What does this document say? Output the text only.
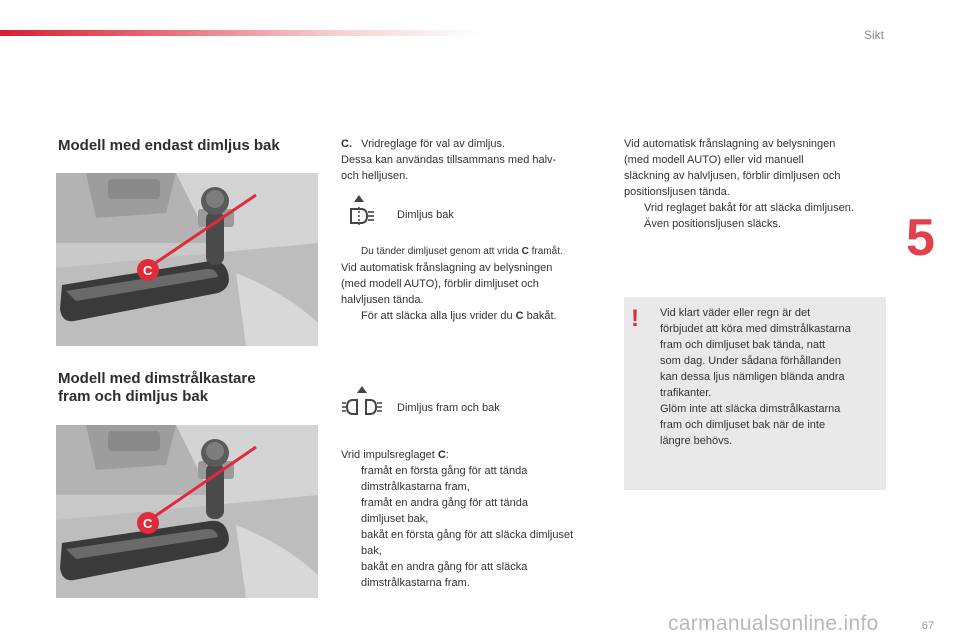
Sikt
5
Modell med endast dimljus bak
C
Modell med dimstrålkastare
fram och dimljus bak
C
C. Vridreglage för val av dimljus.
Dessa kan användas tillsammans med halv-
och helljusen.
Dimljus bak
Du tänder dimljuset genom att vrida C framåt.
Vid automatisk frånslagning av belysningen
(med modell AUTO), förblir dimljuset och
halvljusen tända.
För att släcka alla ljus vrider du C bakåt.
Dimljus fram och bak
Vrid impulsreglaget C:
framåt en första gång för att tända
dimstrålkastarna fram,
framåt en andra gång för att tända
dimljuset bak,
bakåt en första gång för att släcka dimljuset
bak,
bakåt en andra gång för att släcka
dimstrålkastarna fram.
Vid automatisk frånslagning av belysningen
(med modell AUTO) eller vid manuell
släckning av halvljusen, förblir dimljusen och
positionsljusen tända.
Vrid reglaget bakåt för att släcka dimljusen.
Även positionsljusen släcks.
! Vid klart väder eller regn är det
förbjudet att köra med dimstrålkastarna
fram och dimljuset bak tända, natt
som dag. Under sådana förhållanden
kan dessa ljus nämligen blända andra
trafikanter.
Glöm inte att släcka dimstrålkastarna
fram och dimljuset bak när de inte
längre behövs.
carmanualsonline.info	67
